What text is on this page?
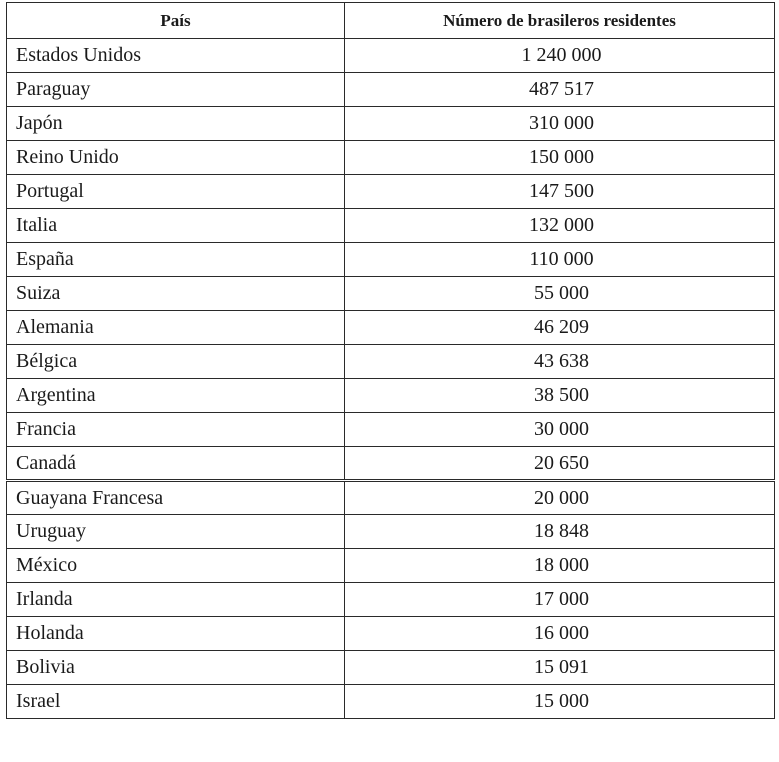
País	Número de brasileros residentes
Estados Unidos	1 240 000
Paraguay	487 517
Japón	310 000
Reino Unido	150 000
Portugal	147 500
Italia	132 000
España	110 000
Suiza	55 000
Alemania	46 209
Bélgica	43 638
Argentina	38 500
Francia	30 000
Canadá	20 650
Guayana Francesa	20 000
Uruguay	18 848
México	18 000
Irlanda	17 000
Holanda	16 000
Bolivia	15 091
Israel	15 000
